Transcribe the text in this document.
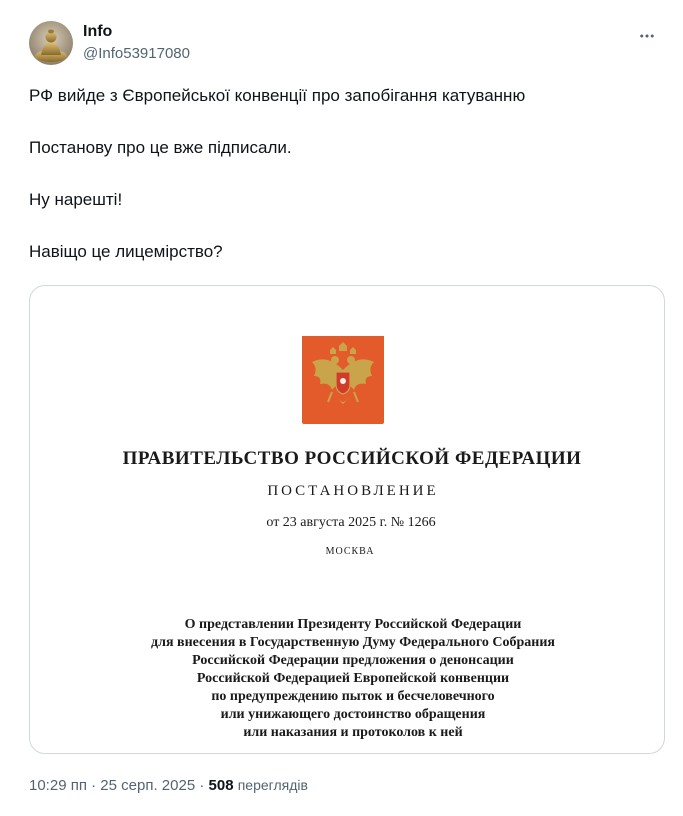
Info
@Info53917080

РФ вийде з Європейської конвенції про запобігання катуванню

Постанову про це вже підписали.

Ну нарешті!

Навіщо це лицемірство?

ПРАВИТЕЛЬСТВО РОССИЙСКОЙ ФЕДЕРАЦИИ
ПОСТАНОВЛЕНИЕ
от 23 августа 2025 г. № 1266
МОСКВА
О представлении Президенту Российской Федерации
для внесения в Государственную Думу Федерального Собрания
Российской Федерации предложения о денонсации
Российской Федерацией Европейской конвенции
по предупреждению пыток и бесчеловечного
или унижающего достоинство обращения
или наказания и протоколов к ней
10:29 пп · 25 серп. 2025 · 508 переглядів
